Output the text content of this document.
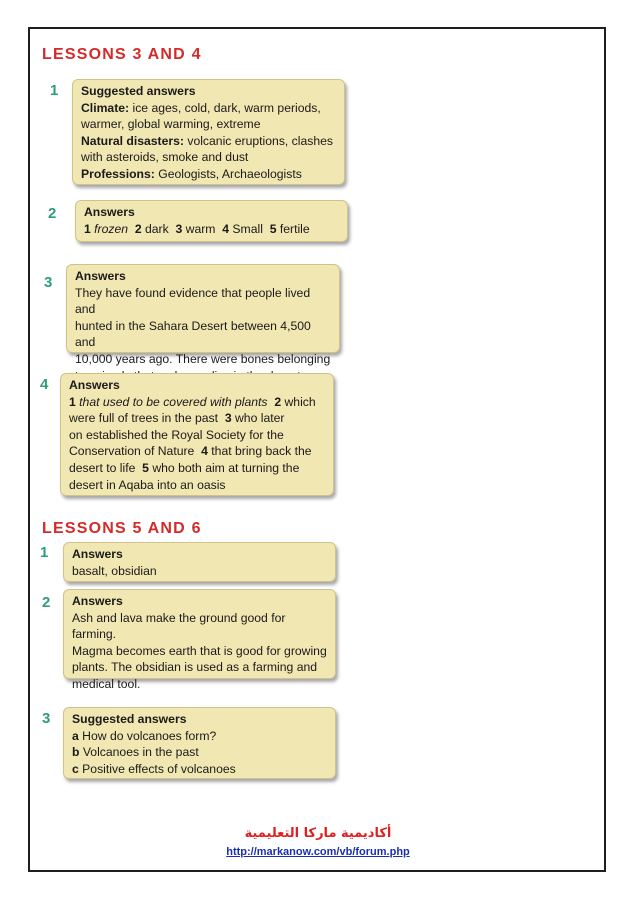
LESSONS 3 AND 4
1 Suggested answers

Climate: ice ages, cold, dark, warm periods,

warmer, global warming, extreme

Natural disasters: volcanic eruptions, clashes

with asteroids, smoke and dust

Professions: Geologists, Archaeologists

2 Answers

1 frozen 2 dark 3 warm 4 Small 5 fertile

3 Answers

They have found evidence that people lived and

hunted in the Sahara Desert between 4,500 and

10,000 years ago. There were bones belonging

4 Answers

1 that used to be covered with plants 2 which

were full of trees in the past 3 who later

on established the Royal Society for the

Conservation of Nature 4 that bring back the

desert to life 5 who both aim at turning the

desert in Aqaba into an oasis

LESSONS 5 AND 6
1 Answers

basalt, obsidian

2 Answers

Ash and lava make the ground good for farming.

Magma becomes earth that is good for growing

plants. The obsidian is used as a farming and

medical tool.

3 Suggested answers

a How do volcanoes form?

b Volcanoes in the past

c Positive effects of volcanoes

أكاديمية ماركا التعليمية
http://markanow.com/vb/forum.php
